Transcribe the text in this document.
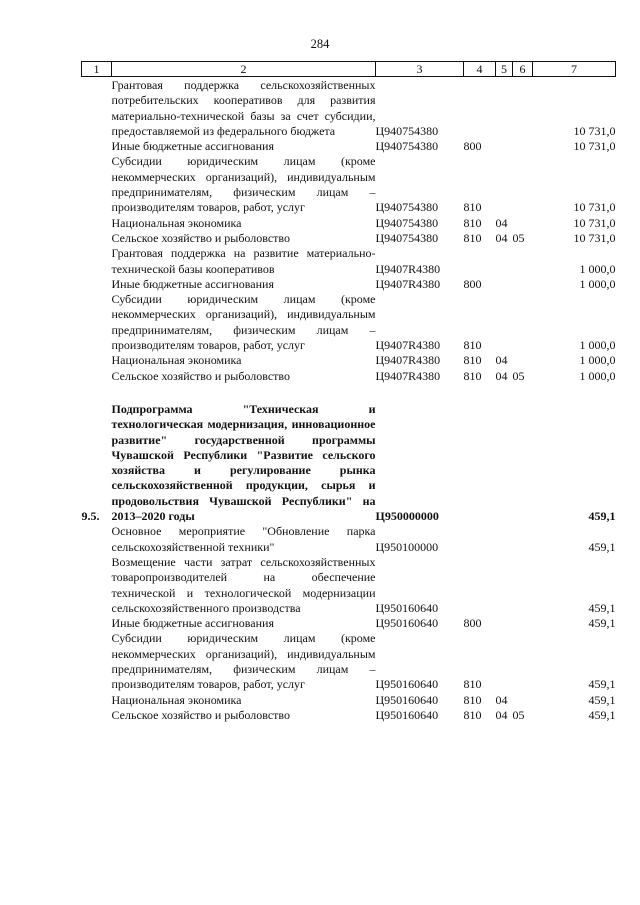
284
1	2	3	4	5	6	7
	Грантовая поддержка сельскохозяйственных потребительских кооперативов для развития материально-технической базы за счет субсидии, предоставляемой из федерального бюджета	Ц940754380				10 731,0
	Иные бюджетные ассигнования	Ц940754380	800			10 731,0
	Субсидии юридическим лицам (кроме некоммерческих организаций), индивидуальным предпринимателям, физическим лицам – производителям товаров, работ, услуг	Ц940754380	810			10 731,0
	Национальная экономика	Ц940754380	810	04		10 731,0
	Сельское хозяйство и рыболовство	Ц940754380	810	04	05	10 731,0
	Грантовая поддержка на развитие материально-технической базы кооперативов	Ц9407R4380				1 000,0
	Иные бюджетные ассигнования	Ц9407R4380	800			1 000,0
	Субсидии юридическим лицам (кроме некоммерческих организаций), индивидуальным предпринимателям, физическим лицам – производителям товаров, работ, услуг	Ц9407R4380	810			1 000,0
	Национальная экономика	Ц9407R4380	810	04		1 000,0
	Сельское хозяйство и рыболовство	Ц9407R4380	810	04	05	1 000,0

9.5.	Подпрограмма "Техническая и технологическая модернизация, инновационное развитие" государственной программы Чувашской Республики "Развитие сельского хозяйства и регулирование рынка сельскохозяйственной продукции, сырья и продовольствия Чувашской Республики" на 2013–2020 годы	Ц950000000				459,1
	Основное мероприятие "Обновление парка сельскохозяйственной техники"	Ц950100000				459,1
	Возмещение части затрат сельскохозяйственных товаропроизводителей на обеспечение технической и технологической модернизации сельскохозяйственного производства	Ц950160640				459,1
	Иные бюджетные ассигнования	Ц950160640	800			459,1
	Субсидии юридическим лицам (кроме некоммерческих организаций), индивидуальным предпринимателям, физическим лицам – производителям товаров, работ, услуг	Ц950160640	810			459,1
	Национальная экономика	Ц950160640	810	04		459,1
	Сельское хозяйство и рыболовство	Ц950160640	810	04	05	459,1
